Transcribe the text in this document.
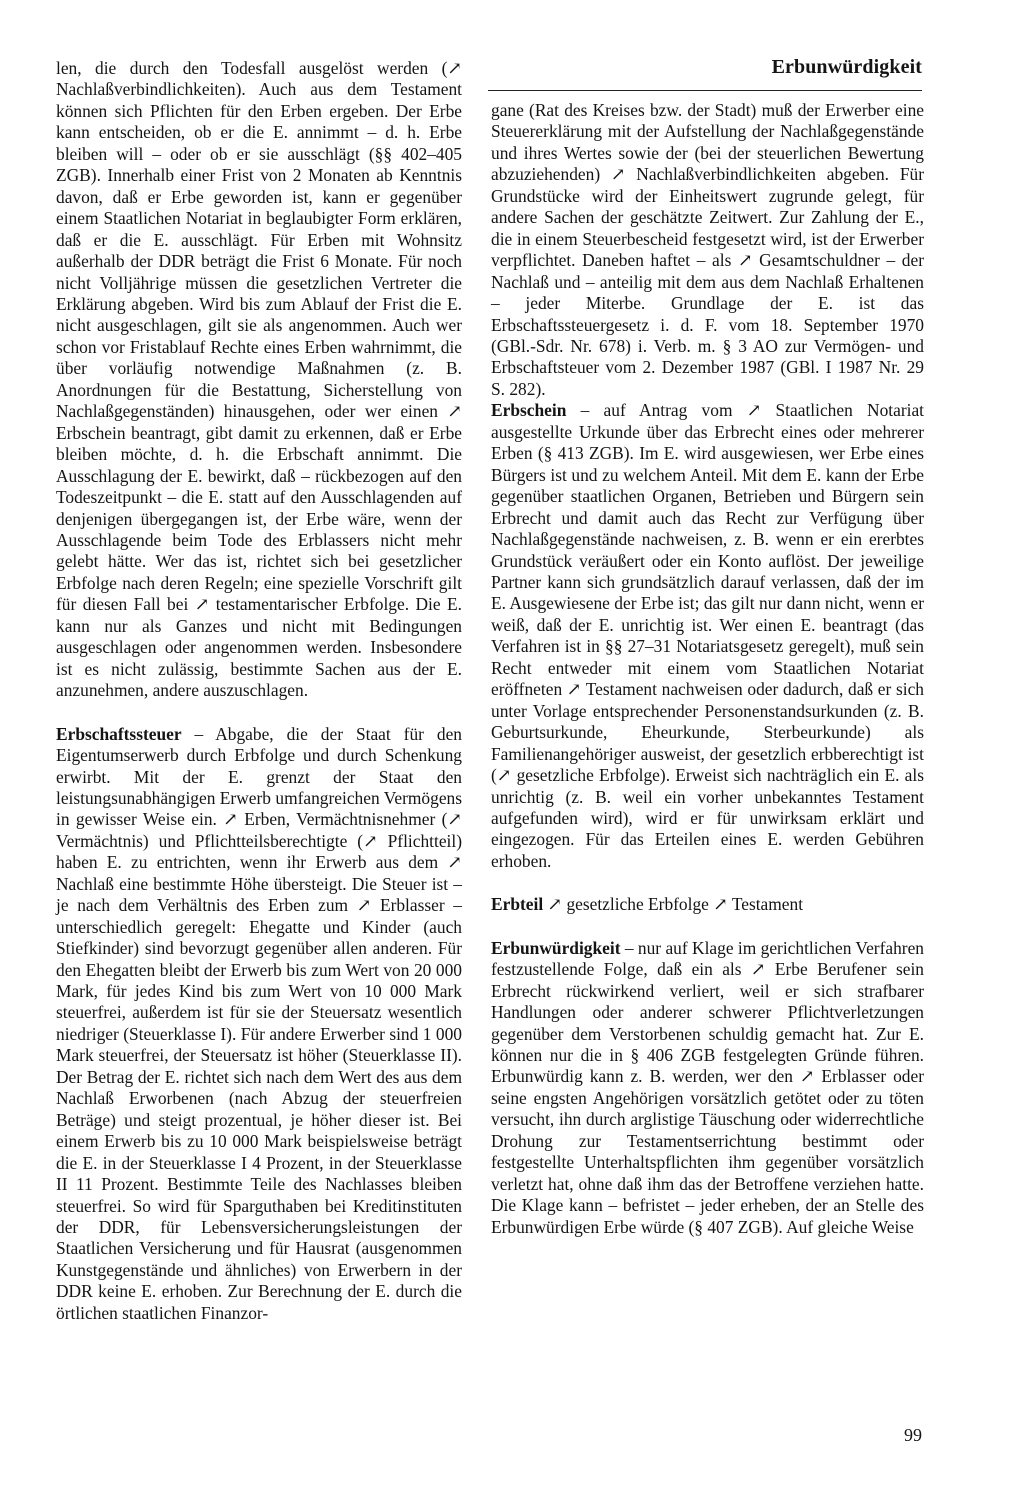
Erbunwürdigkeit

len, die durch den Todesfall ausgelöst werden (↗ Nachlaßverbindlichkeiten). Auch aus dem Testament können sich Pflichten für den Erben ergeben. Der Erbe kann entscheiden, ob er die E. annimmt – d. h. Erbe bleiben will – oder ob er sie ausschlägt (§§ 402–405 ZGB). Innerhalb einer Frist von 2 Monaten ab Kenntnis davon, daß er Erbe geworden ist, kann er gegenüber einem Staatlichen Notariat in beglaubigter Form erklären, daß er die E. ausschlägt. Für Erben mit Wohnsitz außerhalb der DDR beträgt die Frist 6 Monate. Für noch nicht Volljährige müssen die gesetzlichen Vertreter die Erklärung abgeben. Wird bis zum Ablauf der Frist die E. nicht ausgeschlagen, gilt sie als angenommen. Auch wer schon vor Fristablauf Rechte eines Erben wahrnimmt, die über vorläufig notwendige Maßnahmen (z. B. Anordnungen für die Bestattung, Sicherstellung von Nachlaßgegenständen) hinausgehen, oder wer einen ↗ Erbschein beantragt, gibt damit zu erkennen, daß er Erbe bleiben möchte, d. h. die Erbschaft annimmt. Die Ausschlagung der E. bewirkt, daß – rückbezogen auf den Todeszeitpunkt – die E. statt auf den Ausschlagenden auf denjenigen übergegangen ist, der Erbe wäre, wenn der Ausschlagende beim Tode des Erblassers nicht mehr gelebt hätte. Wer das ist, richtet sich bei gesetzlicher Erbfolge nach deren Regeln; eine spezielle Vorschrift gilt für diesen Fall bei ↗ testamentarischer Erbfolge. Die E. kann nur als Ganzes und nicht mit Bedingungen ausgeschlagen oder angenommen werden. Insbesondere ist es nicht zulässig, bestimmte Sachen aus der E. anzunehmen, andere auszuschlagen.

Erbschaftssteuer – Abgabe, die der Staat für den Eigentumserwerb durch Erbfolge und durch Schenkung erwirbt. Mit der E. grenzt der Staat den leistungsunabhängigen Erwerb umfangreichen Vermögens in gewisser Weise ein. ↗ Erben, Vermächtnisnehmer (↗ Vermächtnis) und Pflichtteilsberechtigte (↗ Pflichtteil) haben E. zu entrichten, wenn ihr Erwerb aus dem ↗ Nachlaß eine bestimmte Höhe übersteigt. Die Steuer ist – je nach dem Verhältnis des Erben zum ↗ Erblasser – unterschiedlich geregelt: Ehegatte und Kinder (auch Stiefkinder) sind bevorzugt gegenüber allen anderen. Für den Ehegatten bleibt der Erwerb bis zum Wert von 20 000 Mark, für jedes Kind bis zum Wert von 10 000 Mark steuerfrei, außerdem ist für sie der Steuersatz wesentlich niedriger (Steuerklasse I). Für andere Erwerber sind 1 000 Mark steuerfrei, der Steuersatz ist höher (Steuerklasse II). Der Betrag der E. richtet sich nach dem Wert des aus dem Nachlaß Erworbenen (nach Abzug der steuerfreien Beträge) und steigt prozentual, je höher dieser ist. Bei einem Erwerb bis zu 10 000 Mark beispielsweise beträgt die E. in der Steuerklasse I 4 Prozent, in der Steuerklasse II 11 Prozent. Bestimmte Teile des Nachlasses bleiben steuerfrei. So wird für Sparguthaben bei Kreditinstituten der DDR, für Lebensversicherungsleistungen der Staatlichen Versicherung und für Hausrat (ausgenommen Kunstgegenstände und ähnliches) von Erwerbern in der DDR keine E. erhoben. Zur Berechnung der E. durch die örtlichen staatlichen Finanzor-

gane (Rat des Kreises bzw. der Stadt) muß der Erwerber eine Steuererklärung mit der Aufstellung der Nachlaßgegenstände und ihres Wertes sowie der (bei der steuerlichen Bewertung abzuziehenden) ↗ Nachlaßverbindlichkeiten abgeben. Für Grundstücke wird der Einheitswert zugrunde gelegt, für andere Sachen der geschätzte Zeitwert. Zur Zahlung der E., die in einem Steuerbescheid festgesetzt wird, ist der Erwerber verpflichtet. Daneben haftet – als ↗ Gesamtschuldner – der Nachlaß und – anteilig mit dem aus dem Nachlaß Erhaltenen – jeder Miterbe. Grundlage der E. ist das Erbschaftssteuergesetz i. d. F. vom 18. September 1970 (GBl.-Sdr. Nr. 678) i. Verb. m. § 3 AO zur Vermögen- und Erbschaftsteuer vom 2. Dezember 1987 (GBl. I 1987 Nr. 29 S. 282).

Erbschein – auf Antrag vom ↗ Staatlichen Notariat ausgestellte Urkunde über das Erbrecht eines oder mehrerer Erben (§ 413 ZGB). Im E. wird ausgewiesen, wer Erbe eines Bürgers ist und zu welchem Anteil. Mit dem E. kann der Erbe gegenüber staatlichen Organen, Betrieben und Bürgern sein Erbrecht und damit auch das Recht zur Verfügung über Nachlaßgegenstände nachweisen, z. B. wenn er ein ererbtes Grundstück veräußert oder ein Konto auflöst. Der jeweilige Partner kann sich grundsätzlich darauf verlassen, daß der im E. Ausgewiesene der Erbe ist; das gilt nur dann nicht, wenn er weiß, daß der E. unrichtig ist. Wer einen E. beantragt (das Verfahren ist in §§ 27–31 Notariatsgesetz geregelt), muß sein Recht entweder mit einem vom Staatlichen Notariat eröffneten ↗ Testament nachweisen oder dadurch, daß er sich unter Vorlage entsprechender Personenstandsurkunden (z. B. Geburtsurkunde, Eheurkunde, Sterbeurkunde) als Familienangehöriger ausweist, der gesetzlich erbberechtigt ist (↗ gesetzliche Erbfolge). Erweist sich nachträglich ein E. als unrichtig (z. B. weil ein vorher unbekanntes Testament aufgefunden wird), wird er für unwirksam erklärt und eingezogen. Für das Erteilen eines E. werden Gebühren erhoben.

Erbteil ↗ gesetzliche Erbfolge ↗ Testament

Erbunwürdigkeit – nur auf Klage im gerichtlichen Verfahren festzustellende Folge, daß ein als ↗ Erbe Berufener sein Erbrecht rückwirkend verliert, weil er sich strafbarer Handlungen oder anderer schwerer Pflichtverletzungen gegenüber dem Verstorbenen schuldig gemacht hat. Zur E. können nur die in § 406 ZGB festgelegten Gründe führen. Erbunwürdig kann z. B. werden, wer den ↗ Erblasser oder seine engsten Angehörigen vorsätzlich getötet oder zu töten versucht, ihn durch arglistige Täuschung oder widerrechtliche Drohung zur Testamentserrichtung bestimmt oder festgestellte Unterhaltspflichten ihm gegenüber vorsätzlich verletzt hat, ohne daß ihm das der Betroffene verziehen hatte. Die Klage kann – befristet – jeder erheben, der an Stelle des Erbunwürdigen Erbe würde (§ 407 ZGB). Auf gleiche Weise

99
